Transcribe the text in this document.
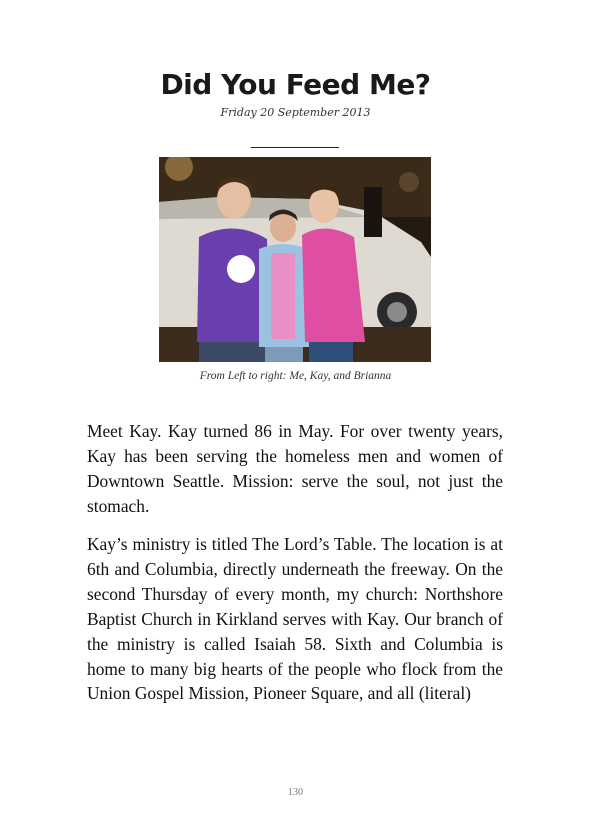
Did You Feed Me?
Friday 20 September 2013
From Left to right: Me, Kay, and Brianna

Meet Kay. Kay turned 86 in May. For over twenty years, Kay has been serving the homeless men and women of Downtown Seattle. Mission: serve the soul, not just the stomach.

Kay’s ministry is titled The Lord’s Table. The location is at 6th and Columbia, directly underneath the freeway. On the second Thursday of every month, my church: Northshore Baptist Church in Kirkland serves with Kay. Our branch of the ministry is called Isaiah 58. Sixth and Columbia is home to many big hearts of the people who flock from the Union Gospel Mission, Pioneer Square, and all (literal)

130
